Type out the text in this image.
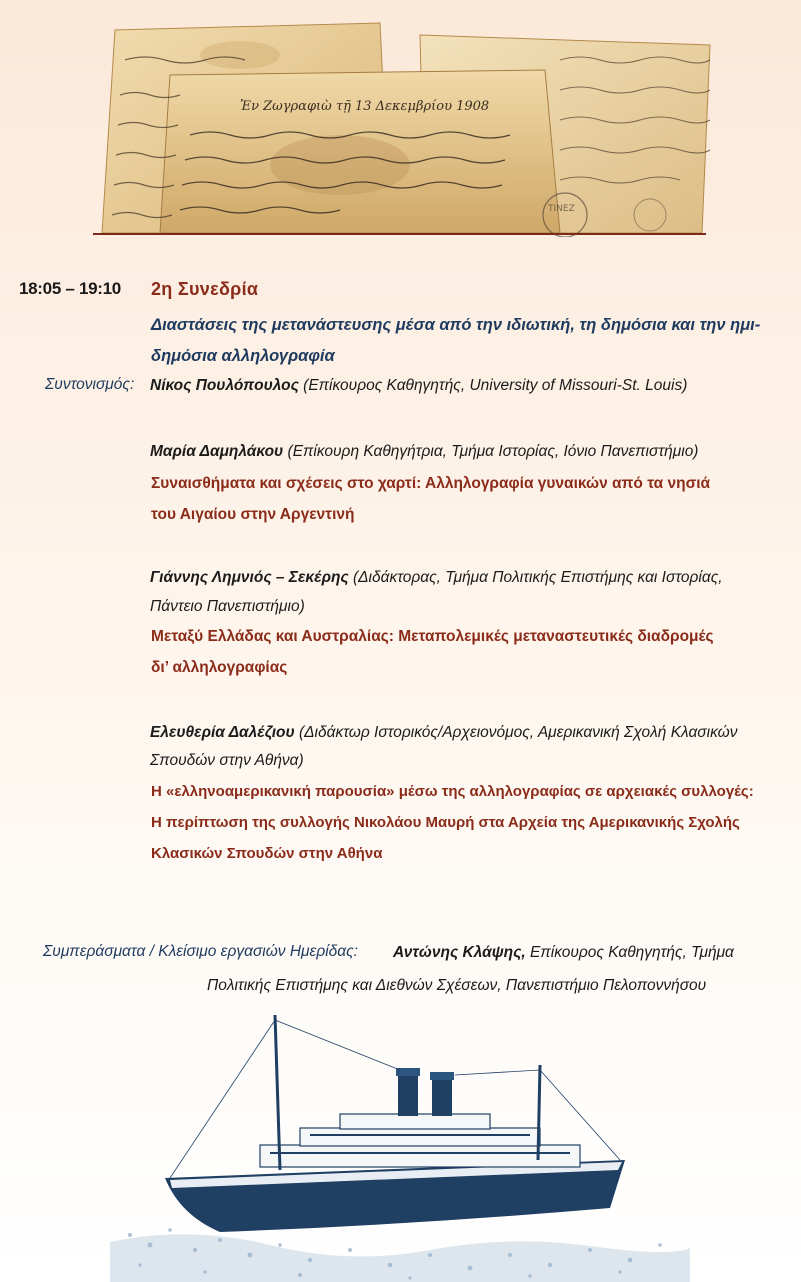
Ἐν Ζωγραφιὼ τῇ 13 Δεκεμβρίου 1908
TINEZ
18:05 – 19:10 2η Συνεδρία
Διαστάσεις της μετανάστευσης μέσα από την ιδιωτική, τη δημόσια και την ημι-δημόσια αλληλογραφία
Συντονισμός: Νίκος Πουλόπουλος (Επίκουρος Καθηγητής, University of Missouri-St. Louis)
Μαρία Δαμηλάκου (Επίκουρη Καθηγήτρια, Τμήμα Ιστορίας, Ιόνιο Πανεπιστήμιο)
Συναισθήματα και σχέσεις στο χαρτί: Αλληλογραφία γυναικών από τα νησιά
του Αιγαίου στην Αργεντινή
Γιάννης Λημνιός – Σεκέρης (Διδάκτορας, Τμήμα Πολιτικής Επιστήμης και Ιστορίας,
Πάντειο Πανεπιστήμιο)
Μεταξύ Ελλάδας και Αυστραλίας: Μεταπολεμικές μεταναστευτικές διαδρομές
δι’ αλληλογραφίας
Ελευθερία Δαλέζιου (Διδάκτωρ Ιστορικός/Αρχειονόμος, Αμερικανική Σχολή Κλασικών
Σπουδών στην Αθήνα)
Η «ελληνοαμερικανική παρουσία» μέσω της αλληλογραφίας σε αρχειακές συλλογές:
Η περίπτωση της συλλογής Νικολάου Μαυρή στα Αρχεία της Αμερικανικής Σχολής
Κλασικών Σπουδών στην Αθήνα
Συμπεράσματα / Κλείσιμο εργασιών Ημερίδας: Αντώνης Κλάψης, Επίκουρος Καθηγητής, Τμήμα
Πολιτικής Επιστήμης και Διεθνών Σχέσεων, Πανεπιστήμιο Πελοποννήσου
